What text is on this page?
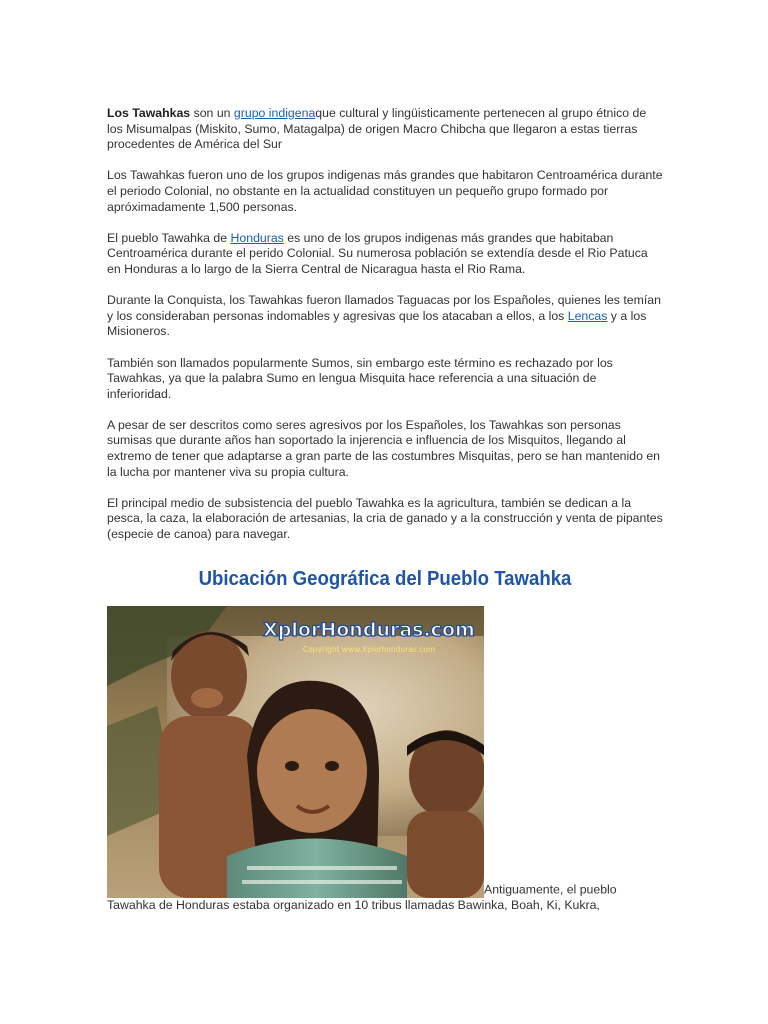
Los Tawahkas son un grupo indigenaque cultural y lingüisticamente pertenecen al grupo étnico de los Misumalpas (Miskito, Sumo, Matagalpa) de origen Macro Chibcha que llegaron a estas tierras procedentes de América del Sur

Los Tawahkas fueron uno de los grupos indigenas más grandes que habitaron Centroamérica durante el periodo Colonial, no obstante en la actualidad constituyen un pequeño grupo formado por apróximadamente 1,500 personas.

El pueblo Tawahka de Honduras es uno de los grupos indigenas más grandes que habitaban Centroamérica durante el perido Colonial. Su numerosa población se extendía desde el Rio Patuca en Honduras a lo largo de la Sierra Central de Nicaragua hasta el Rio Rama.

Durante la Conquista, los Tawahkas fueron llamados Taguacas por los Españoles, quienes les temían y los consideraban personas indomables y agresivas que los atacaban a ellos, a los Lencas y a los Misioneros.

También son llamados popularmente Sumos, sin embargo este término es rechazado por los Tawahkas, ya que la palabra Sumo en lengua Misquita hace referencia a una situación de inferioridad.

A pesar de ser descritos como seres agresivos por los Españoles, los Tawahkas son personas sumisas que durante años han soportado la injerencia e influencia de los Misquitos, llegando al extremo de tener que adaptarse a gran parte de las costumbres Misquitas, pero se han mantenido en la lucha por mantener viva su propia cultura.

El principal medio de subsistencia del pueblo Tawahka es la agricultura, también se dedican a la pesca, la caza, la elaboración de artesanias, la cria de ganado y a la construcción y venta de pipantes (especie de canoa) para navegar.

Ubicación Geográfica del Pueblo Tawahka
XplorHonduras.com
Copyright www.Xplorhonduras.com
Antiguamente, el pueblo Tawahka de Honduras estaba organizado en 10 tribus llamadas Bawinka, Boah, Ki, Kukra,
